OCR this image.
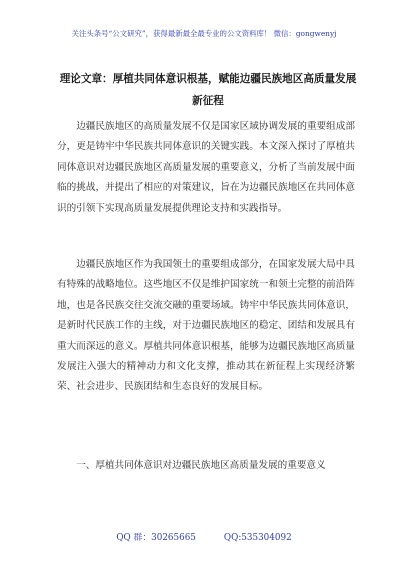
关注头条号“公文研究”，获得最新最全最专业的公文资料库！ 微信：gongwenyj
理论文章：厚植共同体意识根基，赋能边疆民族地区高质量发展新征程
边疆民族地区的高质量发展不仅是国家区域协调发展的重要组成部分，更是铸牢中华民族共同体意识的关键实践。本文深入探讨了厚植共同体意识对边疆民族地区高质量发展的重要意义，分析了当前发展中面临的挑战，并提出了相应的对策建议，旨在为边疆民族地区在共同体意识的引领下实现高质量发展提供理论支持和实践指导。
边疆民族地区作为我国领土的重要组成部分，在国家发展大局中具有特殊的战略地位。这些地区不仅是维护国家统一和领土完整的前沿阵地，也是各民族交往交流交融的重要场域。铸牢中华民族共同体意识，是新时代民族工作的主线，对于边疆民族地区的稳定、团结和发展具有重大而深远的意义。厚植共同体意识根基，能够为边疆民族地区高质量发展注入强大的精神动力和文化支撑，推动其在新征程上实现经济繁荣、社会进步、民族团结和生态良好的发展目标。
一、厚植共同体意识对边疆民族地区高质量发展的重要意义
QQ 群：30265665	QQ:535304092
